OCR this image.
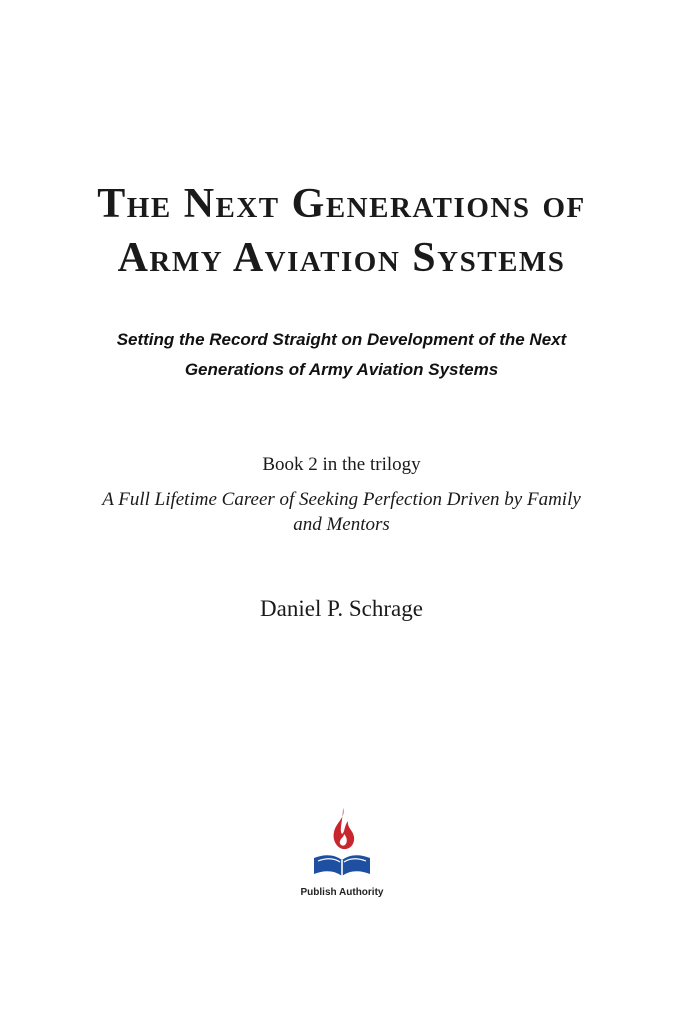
The Next Generations of
Army Aviation Systems
Setting the Record Straight on Development of the Next
Generations of Army Aviation Systems
Book 2 in the trilogy
A Full Lifetime Career of Seeking Perfection Driven by Family
and Mentors
Daniel P. Schrage
Publish Authority
